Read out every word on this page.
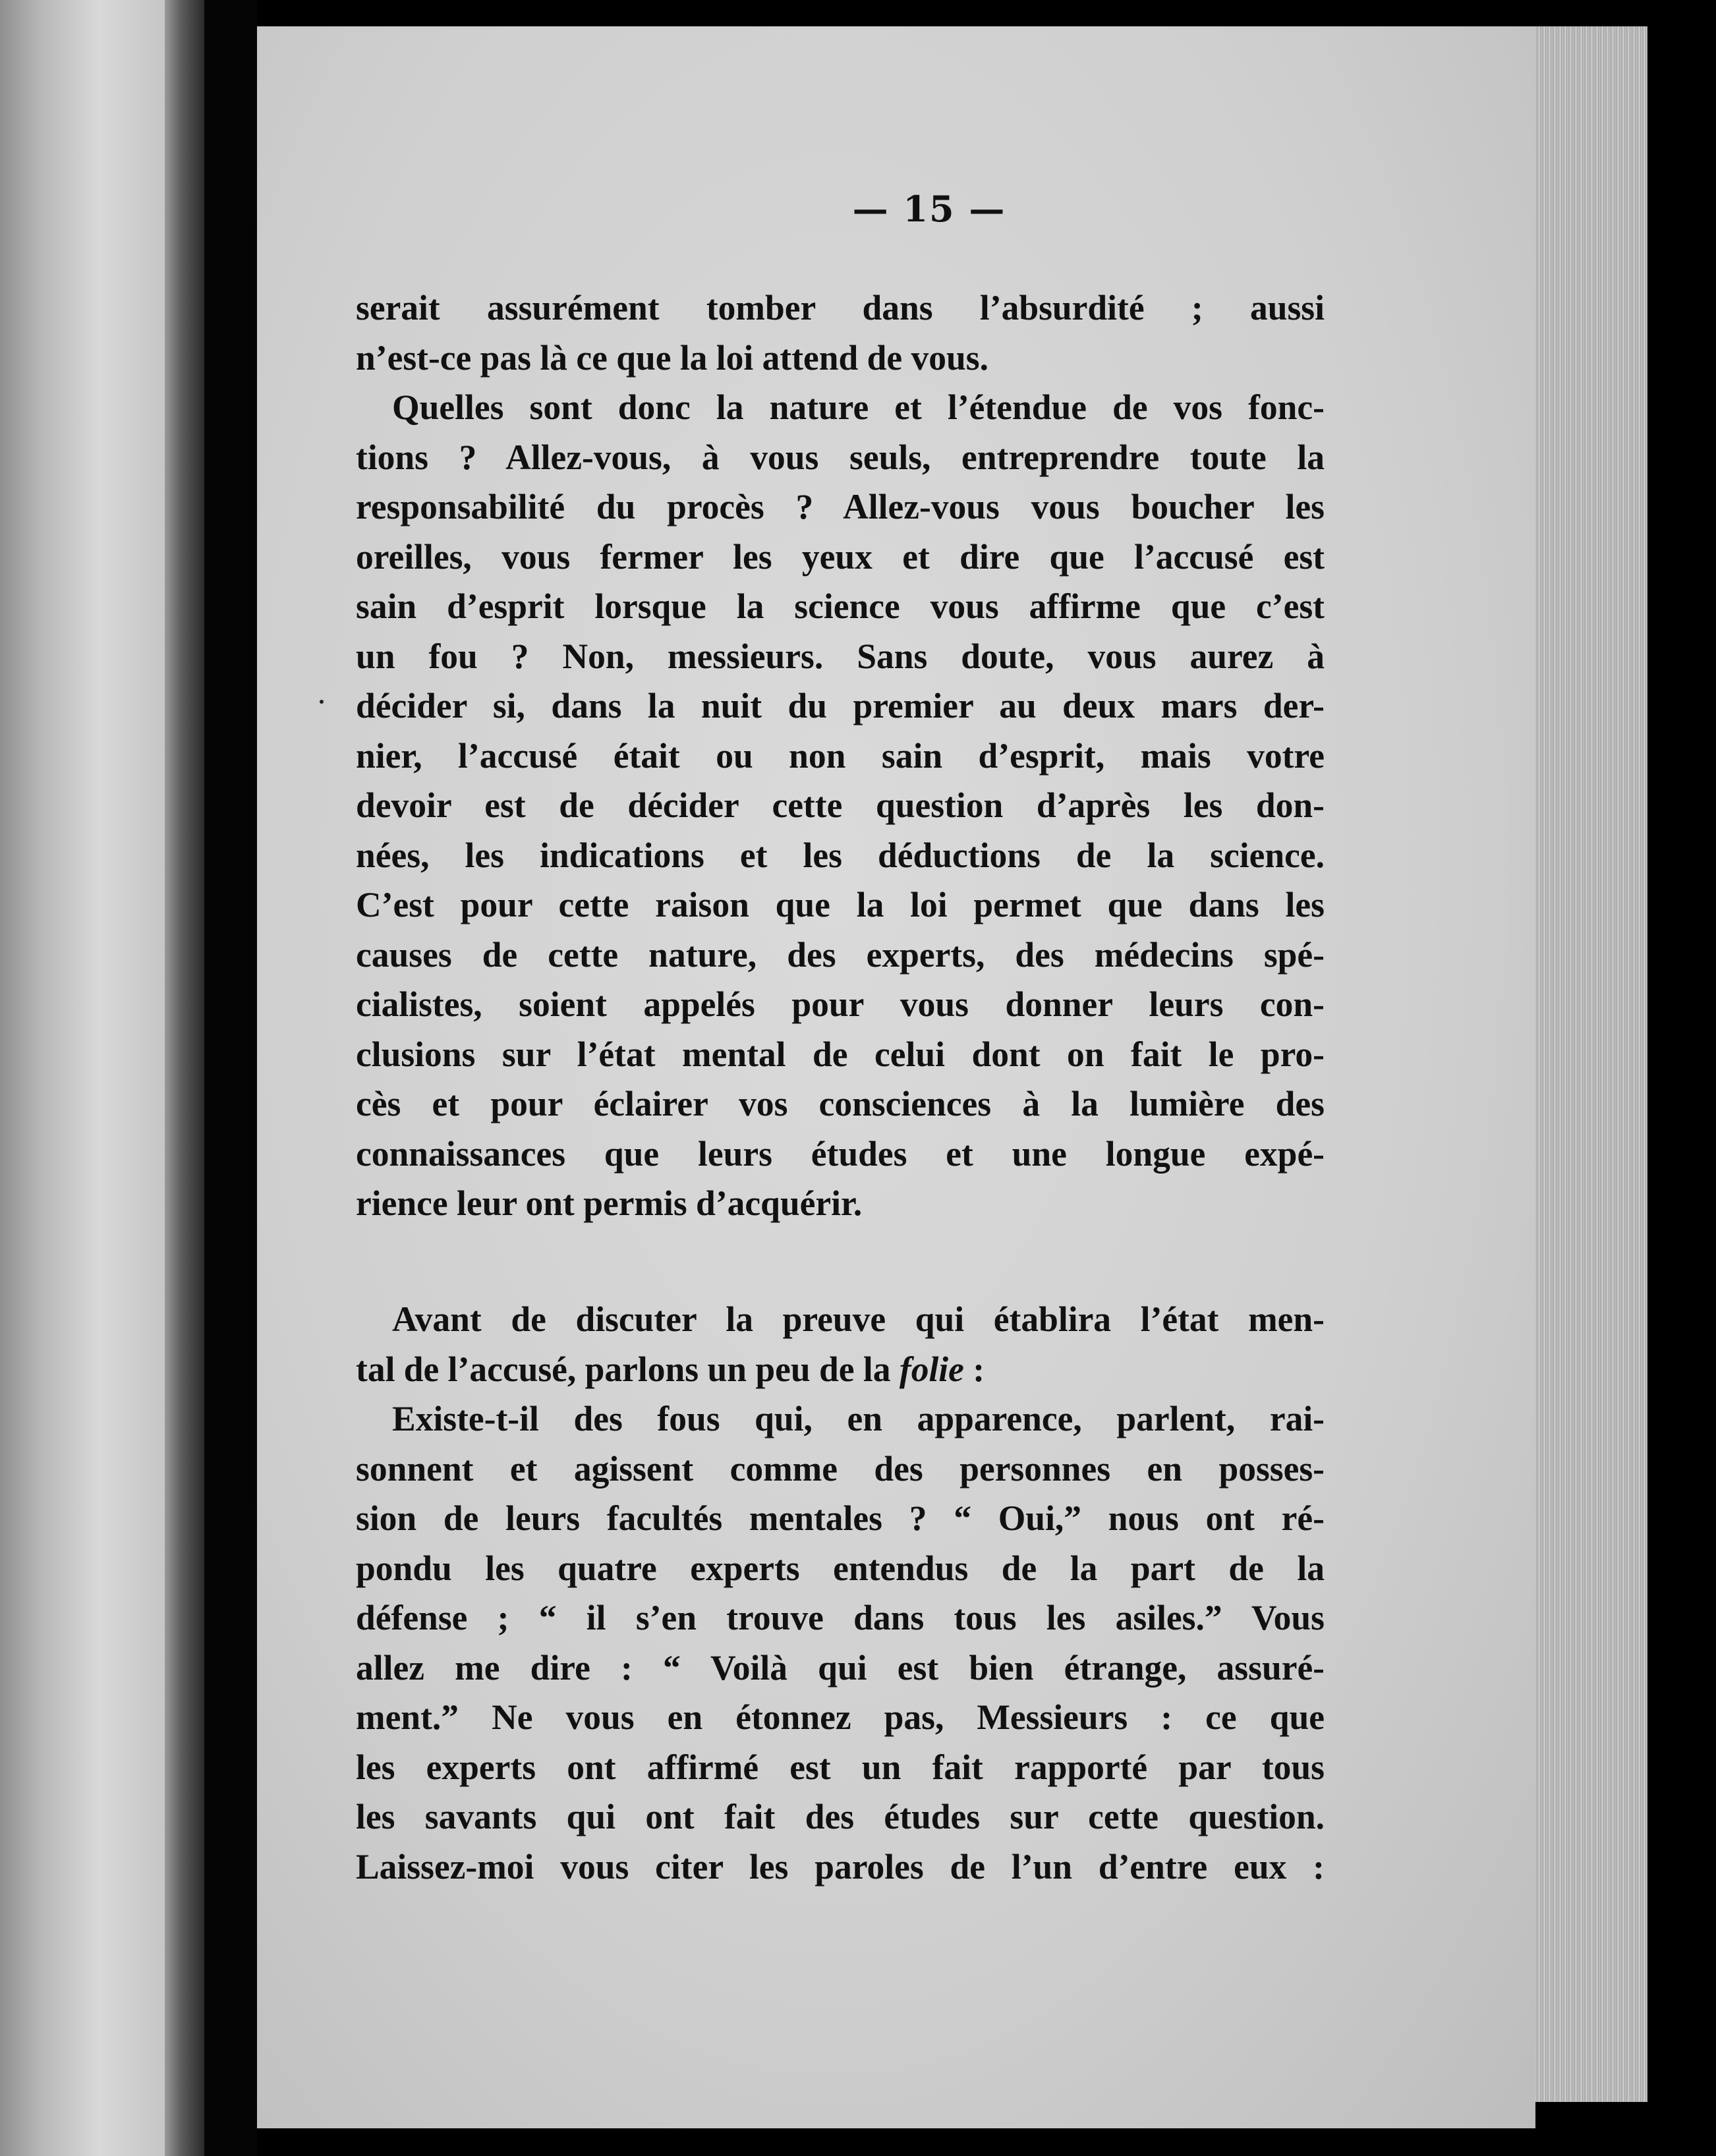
— 15 —
serait assurément tomber dans l’absurdité ; aussi
n’est-ce pas là ce que la loi attend de vous.
Quelles sont donc la nature et l’étendue de vos fonc-
tions ? Allez-vous, à vous seuls, entreprendre toute la
responsabilité du procès ? Allez-vous vous boucher les
oreilles, vous fermer les yeux et dire que l’accusé est
sain d’esprit lorsque la science vous affirme que c’est
un fou ? Non, messieurs. Sans doute, vous aurez à
décider si, dans la nuit du premier au deux mars der-
nier, l’accusé était ou non sain d’esprit, mais votre
devoir est de décider cette question d’après les don-
nées, les indications et les déductions de la science.
C’est pour cette raison que la loi permet que dans les
causes de cette nature, des experts, des médecins spé-
cialistes, soient appelés pour vous donner leurs con-
clusions sur l’état mental de celui dont on fait le pro-
cès et pour éclairer vos consciences à la lumière des
connaissances que leurs études et une longue expé-
rience leur ont permis d’acquérir.
Avant de discuter la preuve qui établira l’état men-
tal de l’accusé, parlons un peu de la folie :
Existe-t-il des fous qui, en apparence, parlent, rai-
sonnent et agissent comme des personnes en posses-
sion de leurs facultés mentales ? “ Oui,” nous ont ré-
pondu les quatre experts entendus de la part de la
défense ; “ il s’en trouve dans tous les asiles.” Vous
allez me dire : “ Voilà qui est bien étrange, assuré-
ment.” Ne vous en étonnez pas, Messieurs : ce que
les experts ont affirmé est un fait rapporté par tous
les savants qui ont fait des études sur cette question.
Laissez-moi vous citer les paroles de l’un d’entre eux :
